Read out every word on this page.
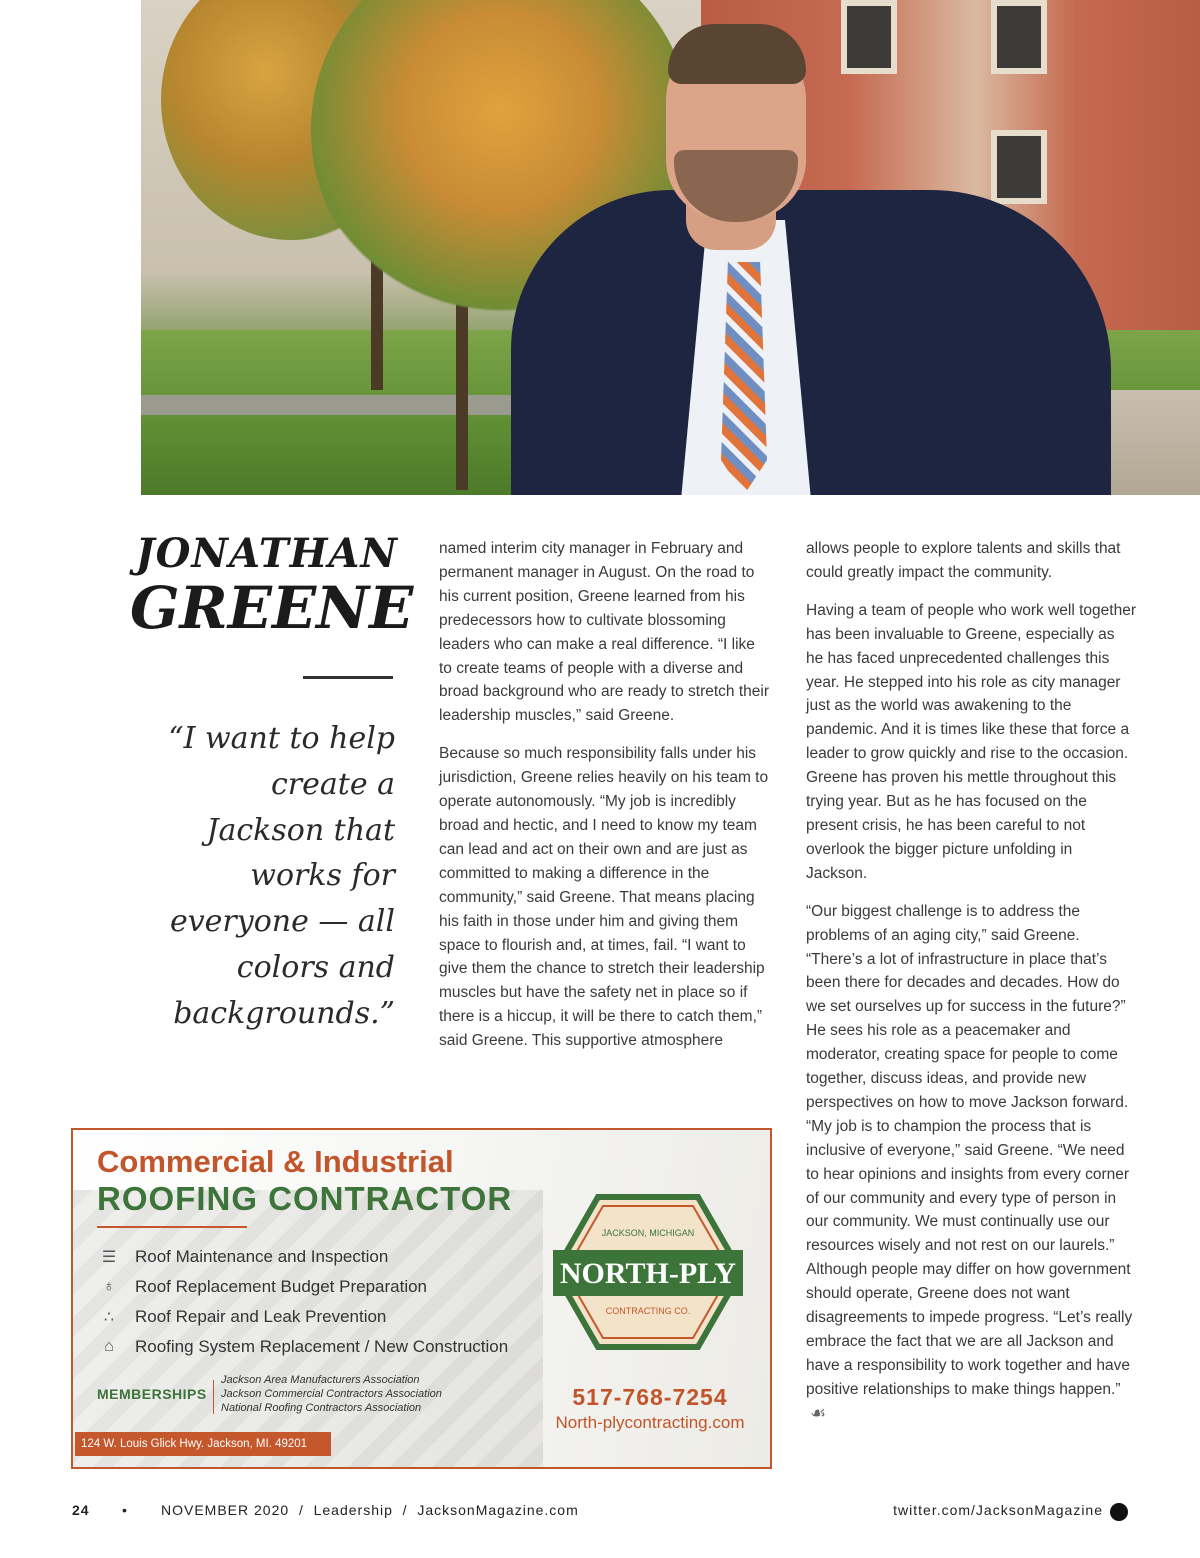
JONATHAN
GREENE
“I want to help create a Jackson that works for everyone — all colors and backgrounds.”

named interim city manager in February and permanent manager in August. On the road to his current position, Greene learned from his predecessors how to cultivate blossoming leaders who can make a real difference. “I like to create teams of people with a diverse and broad background who are ready to stretch their leadership muscles,” said Greene.

Because so much responsibility falls under his jurisdiction, Greene relies heavily on his team to operate autonomously. “My job is incredibly broad and hectic, and I need to know my team can lead and act on their own and are just as committed to making a difference in the community,” said Greene. That means placing his faith in those under him and giving them space to flourish and, at times, fail. “I want to give them the chance to stretch their leadership muscles but have the safety net in place so if there is a hiccup, it will be there to catch them,” said Greene. This supportive atmosphere

allows people to explore talents and skills that could greatly impact the community.

Having a team of people who work well together has been invaluable to Greene, especially as he has faced unprecedented challenges this year. He stepped into his role as city manager just as the world was awakening to the pandemic. And it is times like these that force a leader to grow quickly and rise to the occasion. Greene has proven his mettle throughout this trying year. But as he has focused on the present crisis, he has been careful to not overlook the bigger picture unfolding in Jackson.

“Our biggest challenge is to address the problems of an aging city,” said Greene. “There’s a lot of infrastructure in place that’s been there for decades and decades. How do we set ourselves up for success in the future?” He sees his role as a peacemaker and moderator, creating space for people to come together, discuss ideas, and provide new perspectives on how to move Jackson forward. “My job is to champion the process that is inclusive of everyone,” said Greene. “We need to hear opinions and insights from every corner of our community and every type of person in our community. We must continually use our resources wisely and not rest on our laurels.” Although people may differ on how government should operate, Greene does not want disagreements to impede progress. “Let’s really embrace the fact that we are all Jackson and have a responsibility to work together and have positive relationships to make things happen.”☙

Commercial & Industrial
ROOFING CONTRACTOR
☰ Roof Maintenance and Inspection
♁	Roof Replacement Budget Preparation
∴	Roof Repair and Leak Prevention
⌂	Roofing System Replacement / New Construction
MEMBERSHIPS
Jackson Area Manufacturers Association
Jackson Commercial Contractors Association
National Roofing Contractors Association
124 W. Louis Glick Hwy. Jackson, MI. 49201
JACKSON, MICHIGAN
NORTH-PLY
CONTRACTING CO.
517-768-7254
North-plycontracting.com
24 • NOVEMBER 2020  /  Leadership  /  JacksonMagazine.com	twitter.com/JacksonMagazine
